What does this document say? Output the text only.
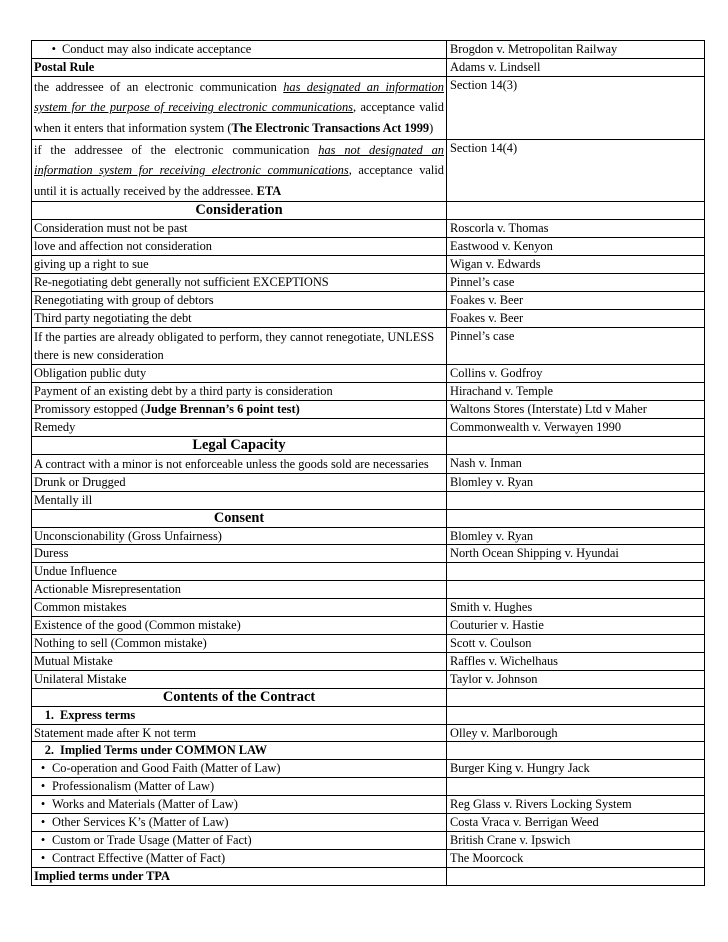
• Conduct may also indicate acceptance	Brogdon v. Metropolitan Railway
Postal Rule	Adams v. Lindsell
the addressee of an electronic communication has designated an information system for the purpose of receiving electronic communications, acceptance valid when it enters that information system (The Electronic Transactions Act 1999)	Section 14(3)
if the addressee of the electronic communication has not designated an information system for receiving electronic communications, acceptance valid until it is actually received by the addressee. ETA	Section 14(4)
Consideration	
Consideration must not be past	Roscorla v. Thomas
love and affection not consideration	Eastwood v. Kenyon
giving up a right to sue	Wigan v. Edwards
Re-negotiating debt generally not sufficient EXCEPTIONS	Pinnel’s case
Renegotiating with group of debtors	Foakes v. Beer
Third party negotiating the debt	Foakes v. Beer
If the parties are already obligated to perform, they cannot renegotiate, UNLESS there is new consideration	Pinnel’s case
Obligation public duty	Collins v. Godfroy
Payment of an existing debt by a third party is consideration	Hirachand v. Temple
Promissory estopped (Judge Brennan’s 6 point test)	Waltons Stores (Interstate) Ltd v Maher
Remedy	Commonwealth v. Verwayen 1990
Legal Capacity	
A contract with a minor is not enforceable unless the goods sold are necessaries	Nash v. Inman
Drunk or Drugged	Blomley v. Ryan
Mentally ill	
Consent	
Unconscionability (Gross Unfairness)	Blomley v. Ryan
Duress	North Ocean Shipping v. Hyundai
Undue Influence	
Actionable Misrepresentation	
Common mistakes	Smith v. Hughes
Existence of the good (Common mistake)	Couturier v. Hastie
Nothing to sell (Common mistake)	Scott v. Coulson
Mutual Mistake	Raffles v. Wichelhaus
Unilateral Mistake	Taylor v. Johnson
Contents of the Contract	
1. Express terms	
Statement made after K not term	Olley v. Marlborough
2. Implied Terms under COMMON LAW	
• Co-operation and Good Faith (Matter of Law)	Burger King v. Hungry Jack
• Professionalism (Matter of Law)	
• Works and Materials (Matter of Law)	Reg Glass v. Rivers Locking System
• Other Services K’s (Matter of Law)	Costa Vraca v. Berrigan Weed
• Custom or Trade Usage (Matter of Fact)	British Crane v. Ipswich
• Contract Effective (Matter of Fact)	The Moorcock
Implied terms under TPA	
